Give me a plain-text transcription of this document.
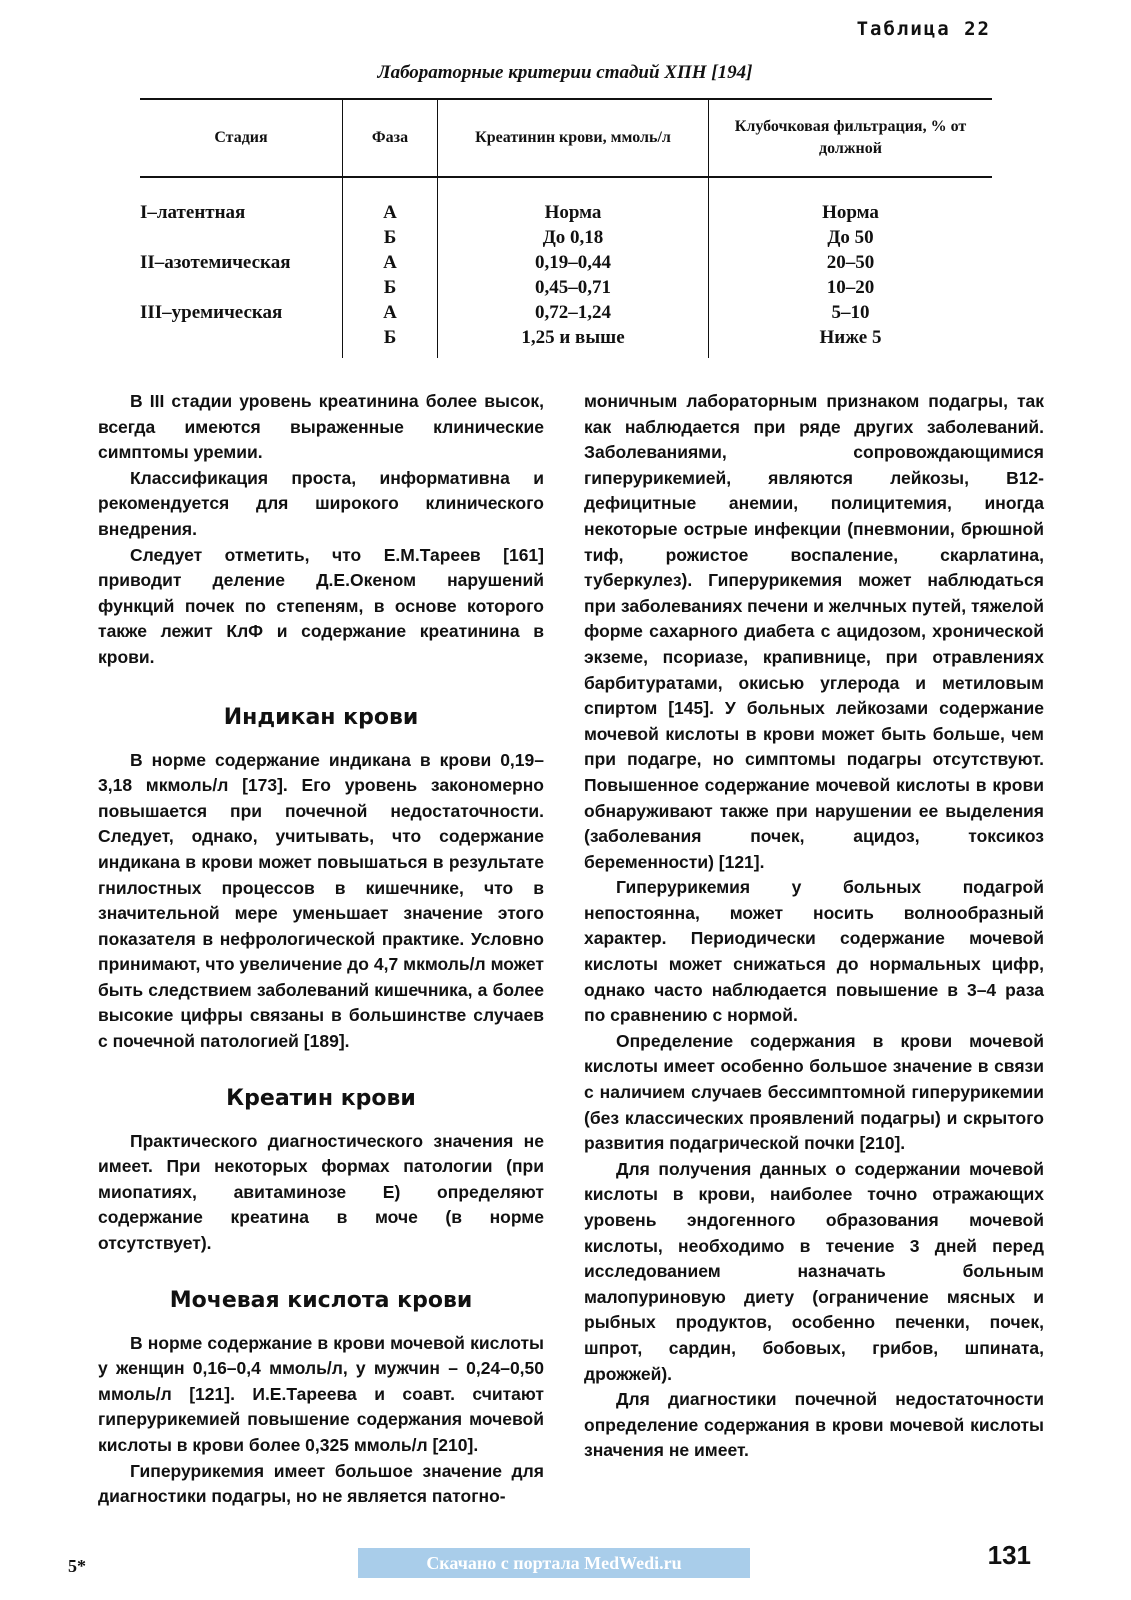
Таблица 22
Лабораторные критерии стадий ХПН [194]
Стадия	Фаза	Креатинин крови, ммоль/л	Клубочковая фильтрация, % от должной
I–латентная	А	Норма	Норма
	Б	До 0,18	До 50
II–азотемическая	А	0,19–0,44	20–50
	Б	0,45–0,71	10–20
III–уремическая	А	0,72–1,24	5–10
	Б	1,25 и выше	Ниже 5

В III стадии уровень креатинина более высок, всегда имеются выраженные клинические симптомы уремии.

Классификация проста, информативна и рекомендуется для широкого клинического внедрения.

Следует отметить, что Е.М.Тареев [161] приводит деление Д.Е.Океном нарушений функций почек по степеням, в основе которого также лежит КлФ и содержание креатинина в крови.

Индикан крови

В норме содержание индикана в крови 0,19–3,18 мкмоль/л [173]. Его уровень закономерно повышается при почечной недостаточности. Следует, однако, учитывать, что содержание индикана в крови может повышаться в результате гнилостных процессов в кишечнике, что в значительной мере уменьшает значение этого показателя в нефрологической практике. Условно принимают, что увеличение до 4,7 мкмоль/л может быть следствием заболеваний кишечника, а более высокие цифры связаны в большинстве случаев с почечной патологией [189].

Креатин крови

Практического диагностического значения не имеет. При некоторых формах патологии (при миопатиях, авитаминозе Е) определяют содержание креатина в моче (в норме отсутствует).

Мочевая кислота крови

В норме содержание в крови мочевой кислоты у женщин 0,16–0,4 ммоль/л, у мужчин – 0,24–0,50 ммоль/л [121]. И.Е.Тареева и соавт. считают гиперурикемией повышение содержания мочевой кислоты в крови более 0,325 ммоль/л [210].

Гиперурикемия имеет большое значение для диагностики подагры, но не является патогно-

моничным лабораторным признаком подагры, так как наблюдается при ряде других заболеваний. Заболеваниями, сопровождающимися гиперурикемией, являются лейкозы, В12-дефицитные анемии, полицитемия, иногда некоторые острые инфекции (пневмонии, брюшной тиф, рожистое воспаление, скарлатина, туберкулез). Гиперурикемия может наблюдаться при заболеваниях печени и желчных путей, тяжелой форме сахарного диабета с ацидозом, хронической экземе, псориазе, крапивнице, при отравлениях барбитуратами, окисью углерода и метиловым спиртом [145]. У больных лейкозами содержание мочевой кислоты в крови может быть больше, чем при подагре, но симптомы подагры отсутствуют. Повышенное содержание мочевой кислоты в крови обнаруживают также при нарушении ее выделения (заболевания почек, ацидоз, токсикоз беременности) [121].

Гиперурикемия у больных подагрой непостоянна, может носить волнообразный характер. Периодически содержание мочевой кислоты может снижаться до нормальных цифр, однако часто наблюдается повышение в 3–4 раза по сравнению с нормой.

Определение содержания в крови мочевой кислоты имеет особенно большое значение в связи с наличием случаев бессимптомной гиперурикемии (без классических проявлений подагры) и скрытого развития подагрической почки [210].

Для получения данных о содержании мочевой кислоты в крови, наиболее точно отражающих уровень эндогенного образования мочевой кислоты, необходимо в течение 3 дней перед исследованием назначать больным малопуриновую диету (ограничение мясных и рыбных продуктов, особенно печенки, почек, шпрот, сардин, бобовых, грибов, шпината, дрожжей).

Для диагностики почечной недостаточности определение содержания в крови мочевой кислоты значения не имеет.

5*	Скачано с портала MedWedi.ru	131
